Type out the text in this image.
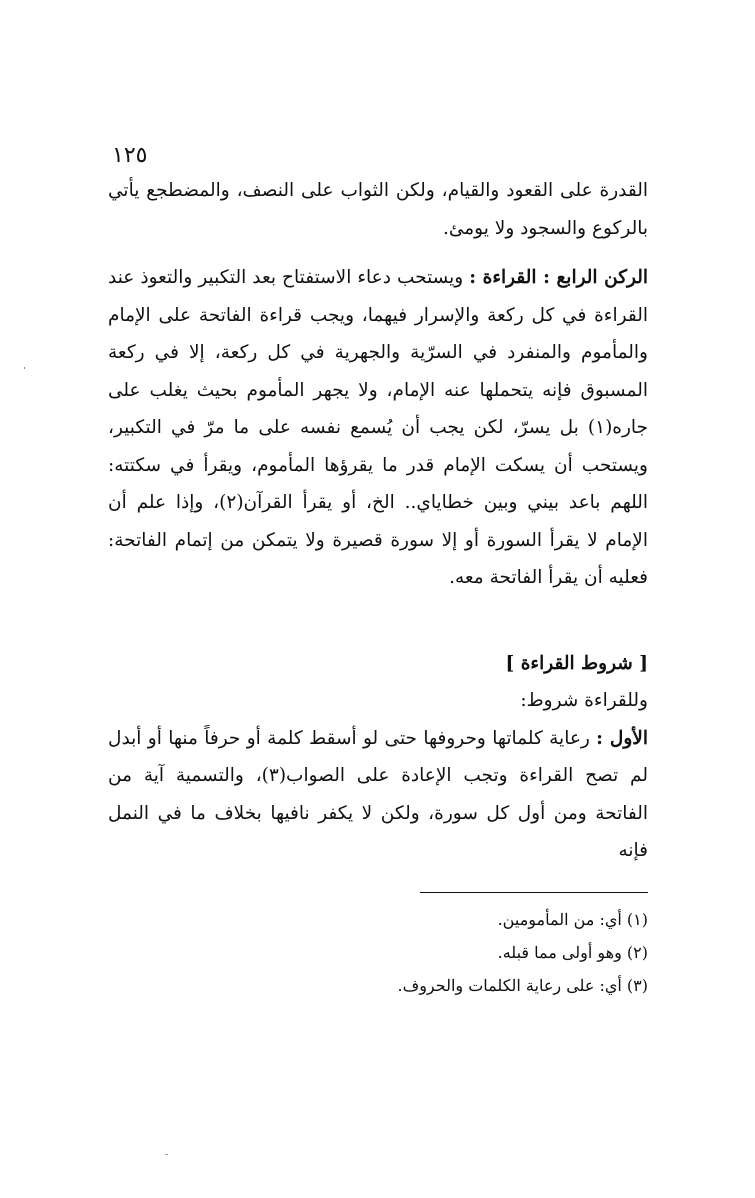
١٢٥

القدرة على القعود والقيام، ولكن الثواب على النصف، والمضطجع يأتي بالركوع والسجود ولا يومئ.

الركن الرابع : القراءة : ويستحب دعاء الاستفتاح بعد التكبير والتعوذ عند القراءة في كل ركعة والإسرار فيهما، ويجب قراءة الفاتحة على الإمام والمأموم والمنفرد في السرّية والجهرية في كل ركعة، إلا في ركعة المسبوق فإنه يتحملها عنه الإمام، ولا يجهر المأموم بحيث يغلب على جاره(١) بل يسرّ، لكن يجب أن يُسمع نفسه على ما مرّ في التكبير، ويستحب أن يسكت الإمام قدر ما يقرؤها المأموم، ويقرأ في سكتته: اللهم باعد بيني وبين خطاياي.. الخ، أو يقرأ القرآن(٢)، وإذا علم أن الإمام لا يقرأ السورة أو إلا سورة قصيرة ولا يتمكن من إتمام الفاتحة: فعليه أن يقرأ الفاتحة معه.

[ شروط القراءة ]

وللقراءة شروط:

الأول : رعاية كلماتها وحروفها حتى لو أسقط كلمة أو حرفاً منها أو أبدل لم تصح القراءة وتجب الإعادة على الصواب(٣)، والتسمية آية من الفاتحة ومن أول كل سورة، ولكن لا يكفر نافيها بخلاف ما في النمل فإنه

(١) أي: من المأمومين.
(٢) وهو أولى مما قبله.
(٣) أي: على رعاية الكلمات والحروف.
